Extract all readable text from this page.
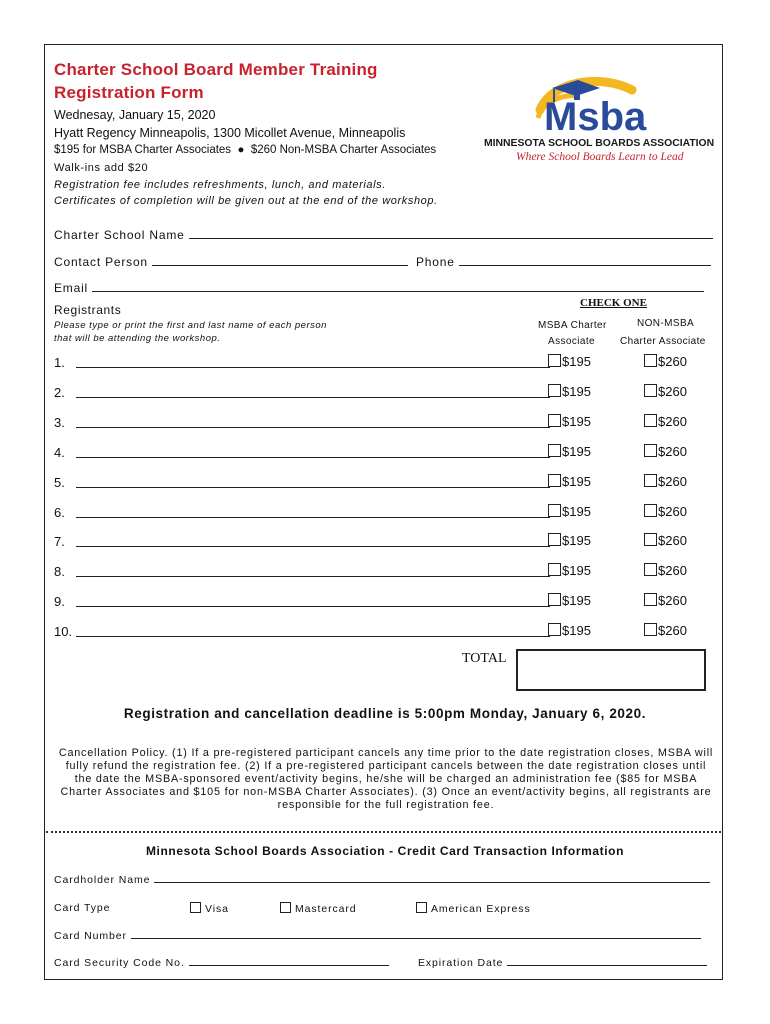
Charter School Board Member Training
Registration Form
Wednesay, January 15, 2020
Hyatt Regency Minneapolis, 1300 Micollet Avenue, Minneapolis
$195 for MSBA Charter Associates  ●  $260 Non-MSBA Charter Associates
Walk-ins add $20
Registration fee includes refreshments, lunch, and materials.
Certificates of completion will be given out at the end of the workshop.
Msba
MINNESOTA SCHOOL BOARDS ASSOCIATION
Where School Boards Learn to Lead
Charter School Name
Contact Person	Phone
Email
Registrants
Please type or print the first and last name of each person
that will be attending the workshop.
CHECK ONE
MSBA Charter
Associate
NON-MSBA
Charter Associate
1.	$195	$260
2.	$195	$260
3.	$195	$260
4.	$195	$260
5.	$195	$260
6.	$195	$260
7.	$195	$260
8.	$195	$260
9.	$195	$260
10.	$195	$260
TOTAL
Registration and cancellation deadline is 5:00pm Monday, January 6, 2020.
Cancellation Policy. (1) If a pre-registered participant cancels any time prior to the date registration closes, MSBA will fully refund the registration fee. (2) If a pre-registered participant cancels between the date registration closes until the date the MSBA-sponsored event/activity begins, he/she will be charged an administration fee ($85 for MSBA Charter Associates and $105 for non-MSBA Charter Associates). (3) Once an event/activity begins, all registrants are responsible for the full registration fee.
Minnesota School Boards Association - Credit Card Transaction Information
Cardholder Name
Card Type	Visa	Mastercard	American Express
Card Number
Card Security Code No.	Expiration Date
